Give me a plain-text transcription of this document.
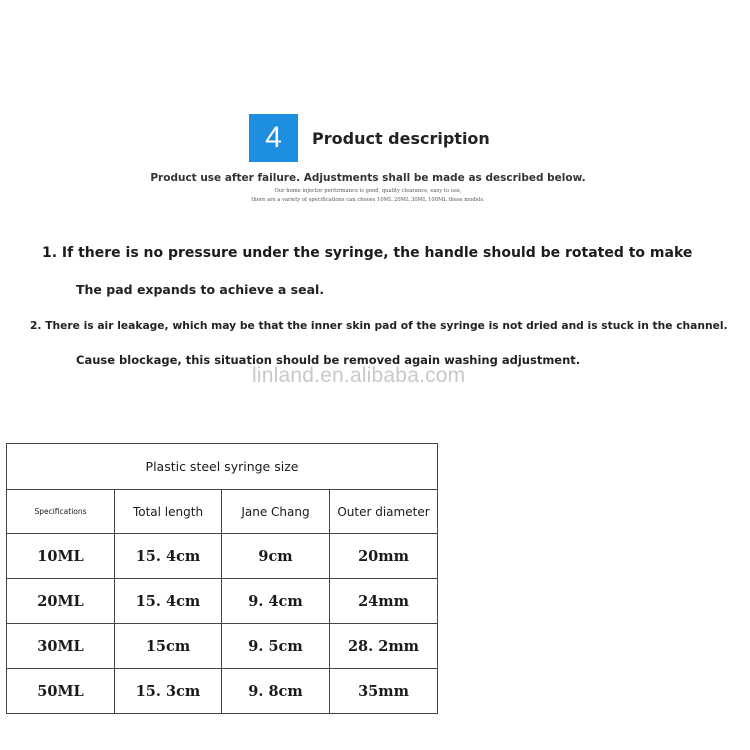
4	Product description
Product use after failure. Adjustments shall be made as described below.
Our home injector performance is good, quality clearance, easy to use,
there are a variety of specifications can choose 10ML 20ML 30ML 100ML these models.
1. If there is no pressure under the syringe, the handle should be rotated to make
The pad expands to achieve a seal.
2. There is air leakage, which may be that the inner skin pad of the syringe is not dried and is stuck in the channel.
Cause blockage, this situation should be removed again washing adjustment.
linland.en.alibaba.com
Plastic steel syringe size			
Specifications	Total length	Jane Chang	Outer diameter
10ML	15. 4cm	9cm	20mm
20ML	15. 4cm	9. 4cm	24mm
30ML	15cm	9. 5cm	28. 2mm
50ML	15. 3cm	9. 8cm	35mm
